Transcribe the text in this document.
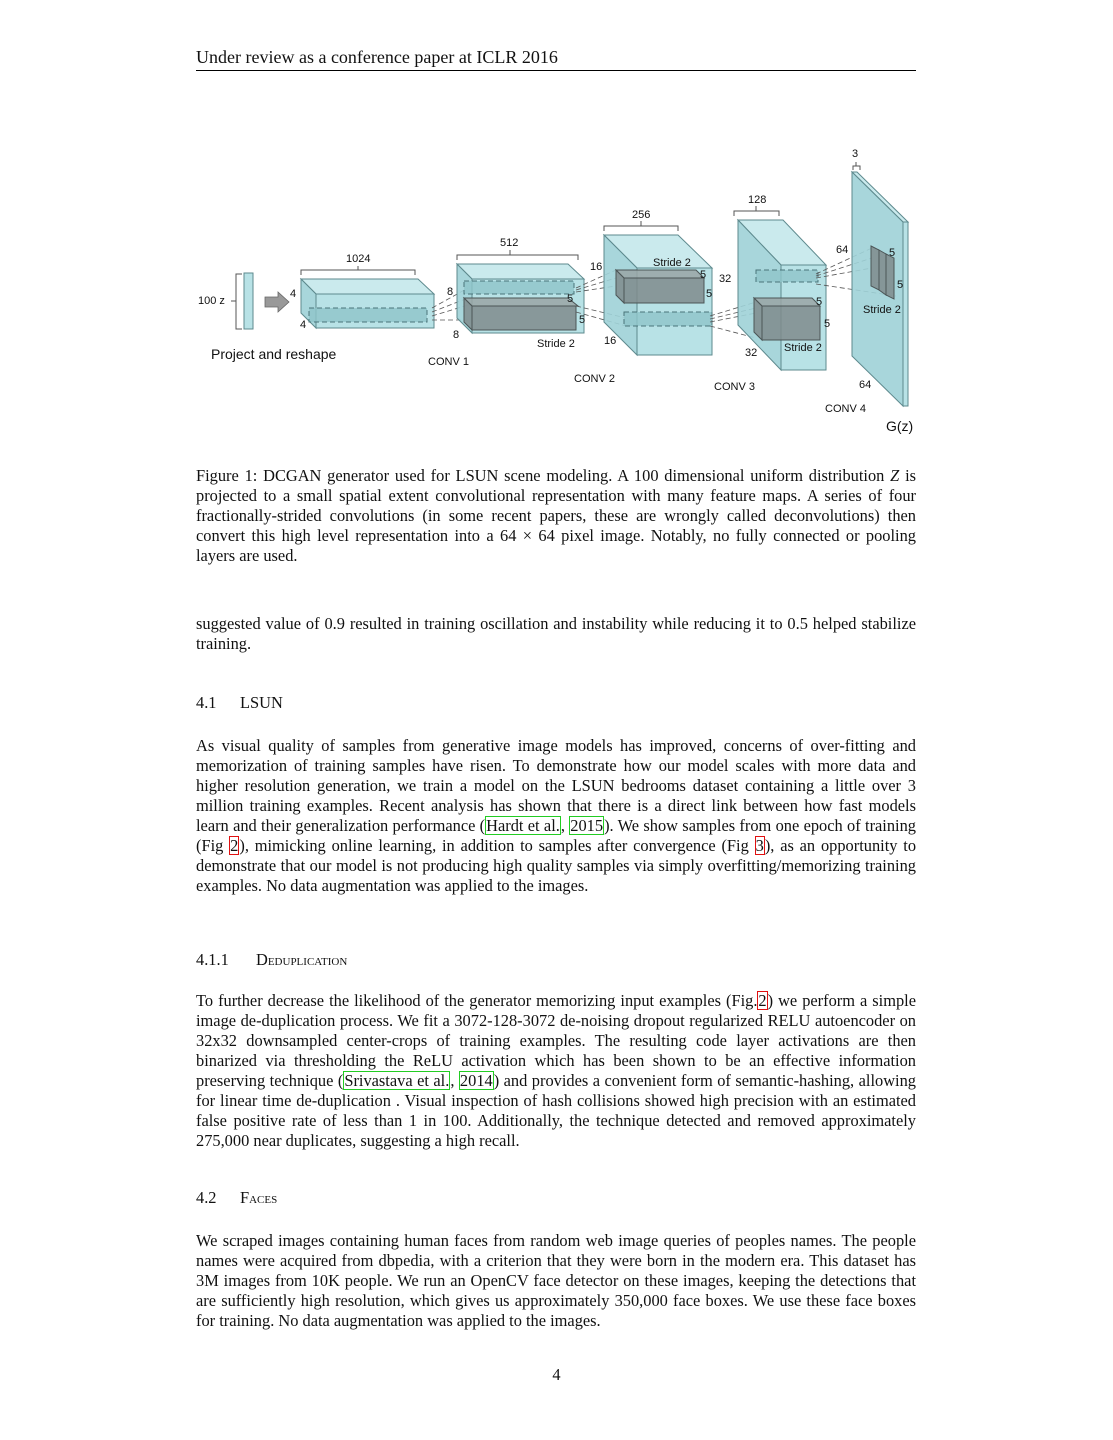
Under review as a conference paper at ICLR 2016
100 z
Project and reshape
1024
4
4
512
8
8
5
5
Stride 2
CONV 1
256
16
16
Stride 2
5
5
CONV 2
128
32
32
5
5
Stride 2
CONV 3
3
64
64
5
5
Stride 2
CONV 4
G(z)
Figure 1: DCGAN generator used for LSUN scene modeling. A 100 dimensional uniform distribution Z is projected to a small spatial extent convolutional representation with many feature maps. A series of four fractionally-strided convolutions (in some recent papers, these are wrongly called deconvolutions) then convert this high level representation into a 64 × 64 pixel image. Notably, no fully connected or pooling layers are used.
suggested value of 0.9 resulted in training oscillation and instability while reducing it to 0.5 helped stabilize training.
4.1 LSUN
As visual quality of samples from generative image models has improved, concerns of over-fitting and memorization of training samples have risen. To demonstrate how our model scales with more data and higher resolution generation, we train a model on the LSUN bedrooms dataset containing a little over 3 million training examples. Recent analysis has shown that there is a direct link between how fast models learn and their generalization performance (Hardt et al., 2015). We show samples from one epoch of training (Fig 2), mimicking online learning, in addition to samples after convergence (Fig 3), as an opportunity to demonstrate that our model is not producing high quality samples via simply overfitting/memorizing training examples. No data augmentation was applied to the images.
4.1.1 Deduplication
To further decrease the likelihood of the generator memorizing input examples (Fig.2) we perform a simple image de-duplication process. We fit a 3072-128-3072 de-noising dropout regularized RELU autoencoder on 32x32 downsampled center-crops of training examples. The resulting code layer activations are then binarized via thresholding the ReLU activation which has been shown to be an effective information preserving technique (Srivastava et al., 2014) and provides a convenient form of semantic-hashing, allowing for linear time de-duplication . Visual inspection of hash collisions showed high precision with an estimated false positive rate of less than 1 in 100. Additionally, the technique detected and removed approximately 275,000 near duplicates, suggesting a high recall.
4.2 Faces
We scraped images containing human faces from random web image queries of peoples names. The people names were acquired from dbpedia, with a criterion that they were born in the modern era. This dataset has 3M images from 10K people. We run an OpenCV face detector on these images, keeping the detections that are sufficiently high resolution, which gives us approximately 350,000 face boxes. We use these face boxes for training. No data augmentation was applied to the images.
4
